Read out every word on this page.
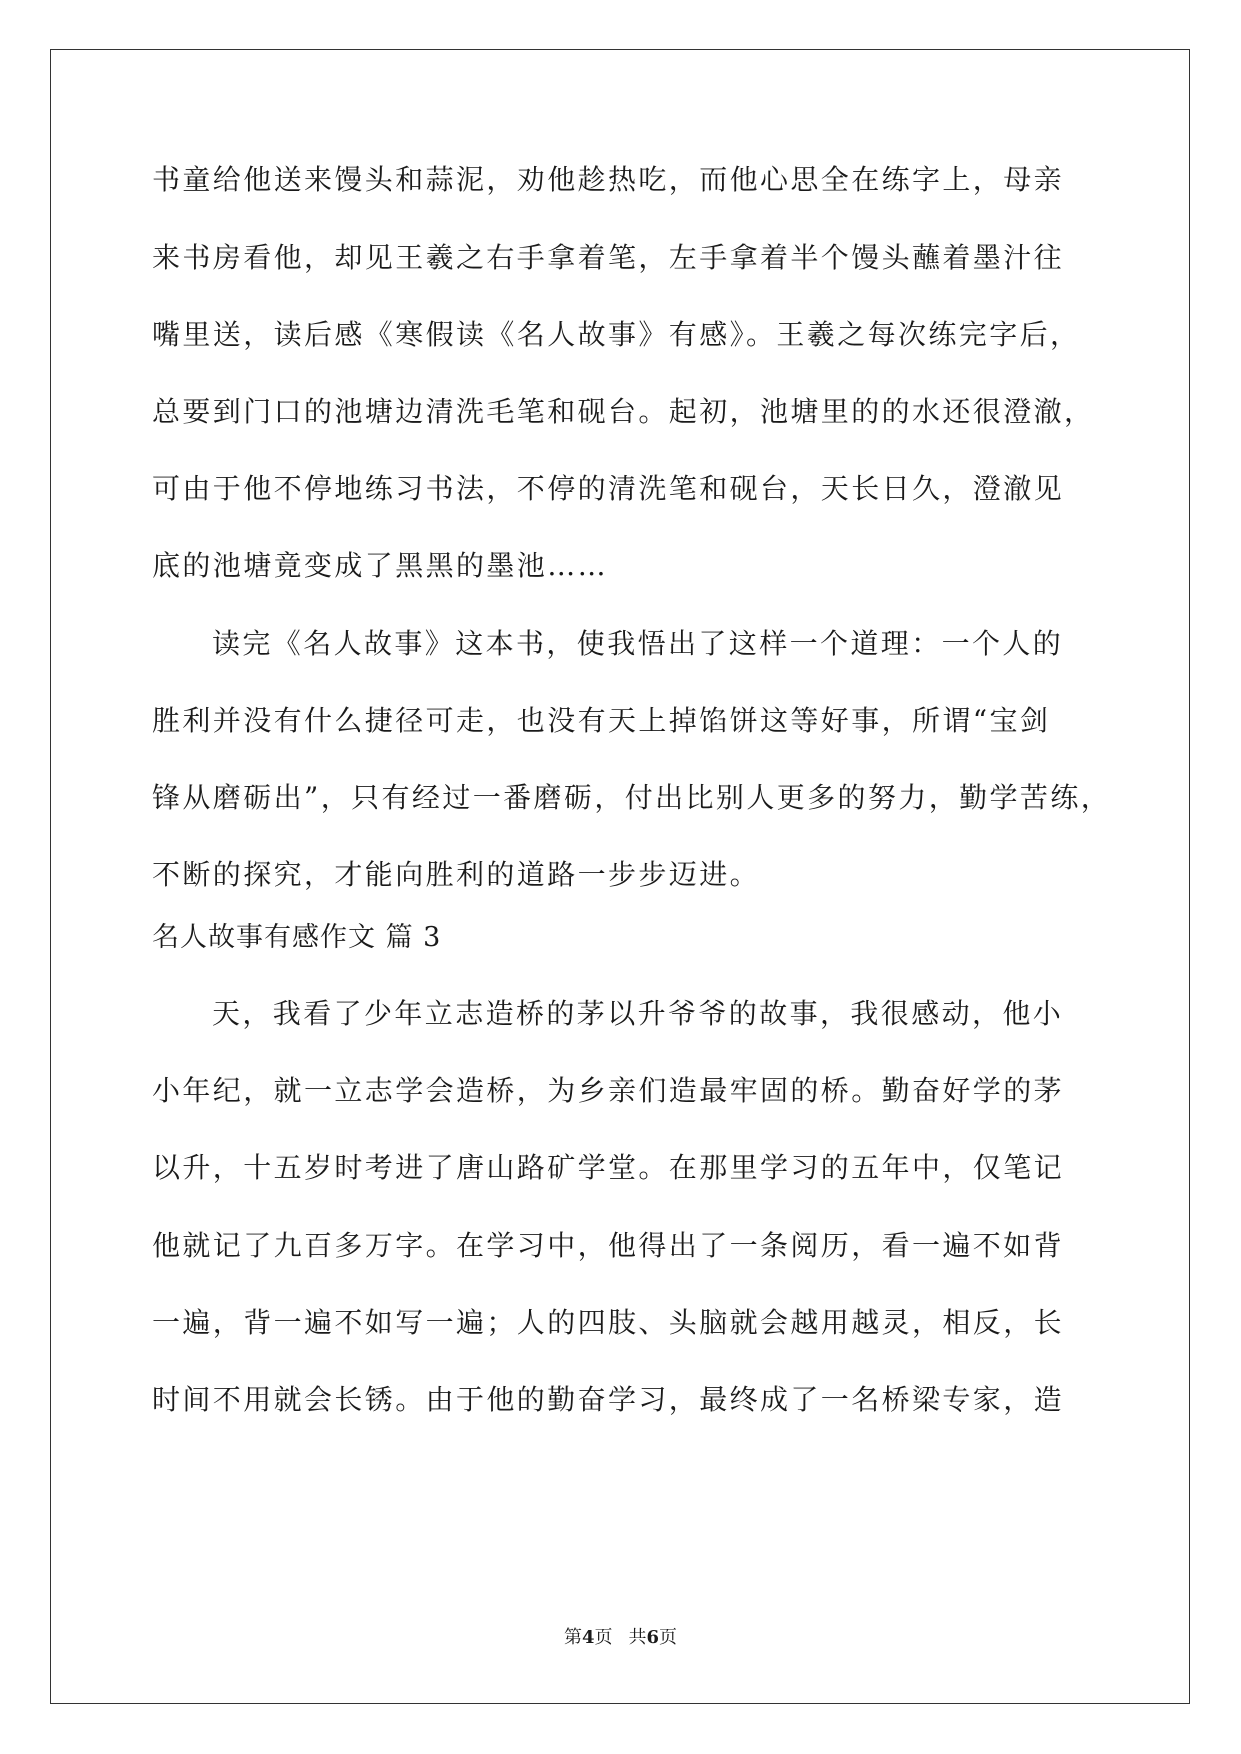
书童给他送来馒头和蒜泥，劝他趁热吃，而他心思全在练字上，母亲
来书房看他，却见王羲之右手拿着笔，左手拿着半个馒头蘸着墨汁往
嘴里送，读后感《寒假读《名人故事》有感》。王羲之每次练完字后，
总要到门口的池塘边清洗毛笔和砚台。起初，池塘里的的水还很澄澈，
可由于他不停地练习书法，不停的清洗笔和砚台，天长日久，澄澈见
底的池塘竟变成了黑黑的墨池……
读完《名人故事》这本书，使我悟出了这样一个道理：一个人的
胜利并没有什么捷径可走，也没有天上掉馅饼这等好事，所谓“宝剑
锋从磨砺出”，只有经过一番磨砺，付出比别人更多的努力，勤学苦练，
不断的探究，才能向胜利的道路一步步迈进。
名人故事有感作文 篇 3
天，我看了少年立志造桥的茅以升爷爷的故事，我很感动，他小
小年纪，就一立志学会造桥，为乡亲们造最牢固的桥。勤奋好学的茅
以升，十五岁时考进了唐山路矿学堂。在那里学习的五年中，仅笔记
他就记了九百多万字。在学习中，他得出了一条阅历，看一遍不如背
一遍，背一遍不如写一遍；人的四肢、头脑就会越用越灵，相反，长
时间不用就会长锈。由于他的勤奋学习，最终成了一名桥梁专家，造
第4页 共6页
